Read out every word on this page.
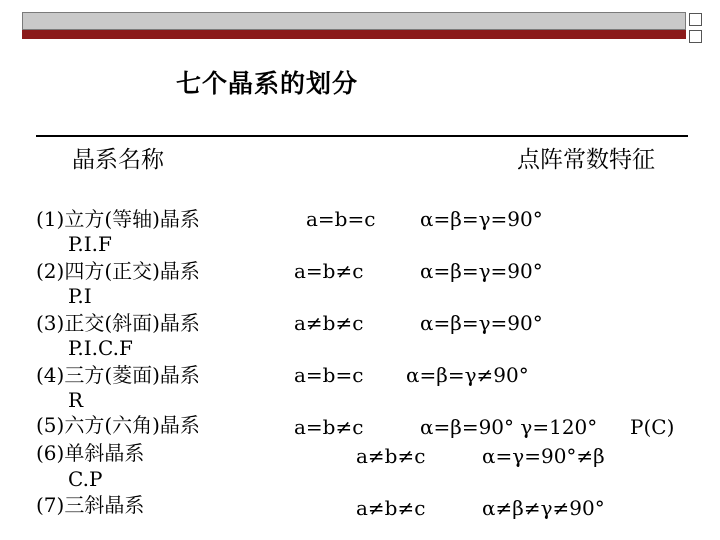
七个晶系的划分
晶系名称	点阵常数特征
(1)立方(等轴)晶系
P.I.F
(2)四方(正交)晶系
P.I
(3)正交(斜面)晶系
P.I.C.F
(4)三方(菱面)晶系
R
(5)六方(六角)晶系
(6)单斜晶系
C.P
(7)三斜晶系
a=b=c
a=b≠c
a≠b≠c
a=b=c
a=b≠c
a≠b≠c
a≠b≠c
α=β=γ=90°
α=β=γ=90°
α=β=γ=90°
α=β=γ≠90°
α=β=90° γ=120° P(C)
α=γ=90°≠β
α≠β≠γ≠90°
